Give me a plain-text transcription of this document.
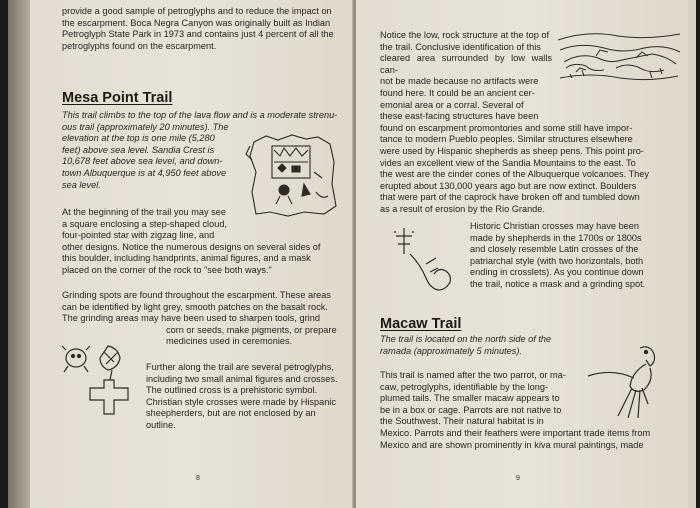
provide a good sample of petroglyphs and to reduce the impact on
the escarpment. Boca Negra Canyon was originally built as Indian
Petroglyph State Park in 1973 and contains just 4 percent of all the
petroglyphs found on the escarpment.
Mesa Point Trail
This trail climbs to the top of the lava flow and is a moderate strenu-
ous trail (approximately 20 minutes). The
elevation at the top is one mile (5,280
feet) above sea level. Sandia Crest is
10,678 feet above sea level, and down-
town Albuquerque is at 4,950 feet above
sea level.
At the beginning of the trail you may see
a square enclosing a step-shaped cloud,
four-pointed star with zigzag line, and
other designs. Notice the numerous designs on several sides of
this boulder, including handprints, animal figures, and a mask
placed on the corner of the rock to "see both ways."
Grinding spots are found throughout the escarpment. These areas
can be identified by light grey, smooth patches on the basalt rock.
The grinding areas may have been used to sharpen tools, grind
corn or seeds, make pigments, or prepare
medicines used in ceremonies.
Further along the trail are several petroglyphs,
including two small animal figures and crosses.
The outlined cross is a prehistoric symbol.
Christian style crosses were made by Hispanic
sheepherders, but are not enclosed by an
outline.
8
Notice the low, rock structure at the top of
the trail. Conclusive identification of this
cleared area surrounded by low walls can-
not be made because no artifacts were
found here. It could be an ancient cer-
emonial area or a corral. Several of
these east-facing structures have been
found on escarpment promontories and some still have impor-
tance to modern Pueblo peoples. Similar structures elsewhere
were used by Hispanic shepherds as sheep pens. This point pro-
vides an excellent view of the Sandia Mountains to the east. To
the west are the cinder cones of the Albuquerque volcanoes. They
erupted about 130,000 years ago but are now extinct. Boulders
that were part of the caprock have broken off and tumbled down
as a result of erosion by the Rio Grande.
Historic Christian crosses may have been
made by shepherds in the 1700s or 1800s
and closely resemble Latin crosses of the
patriarchal style (with two horizontals, both
ending in crosslets). As you continue down
the trail, notice a mask and a grinding spot.
Macaw Trail
The trail is located on the north side of the
ramada (approximately 5 minutes).
This trail is named after the two parrot, or ma-
caw, petroglyphs, identifiable by the long-
plumed tails. The smaller macaw appears to
be in a box or cage. Parrots are not native to
the Southwest. Their natural habitat is in
Mexico. Parrots and their feathers were important trade items from
Mexico and are shown prominently in kiva mural paintings, made
9
